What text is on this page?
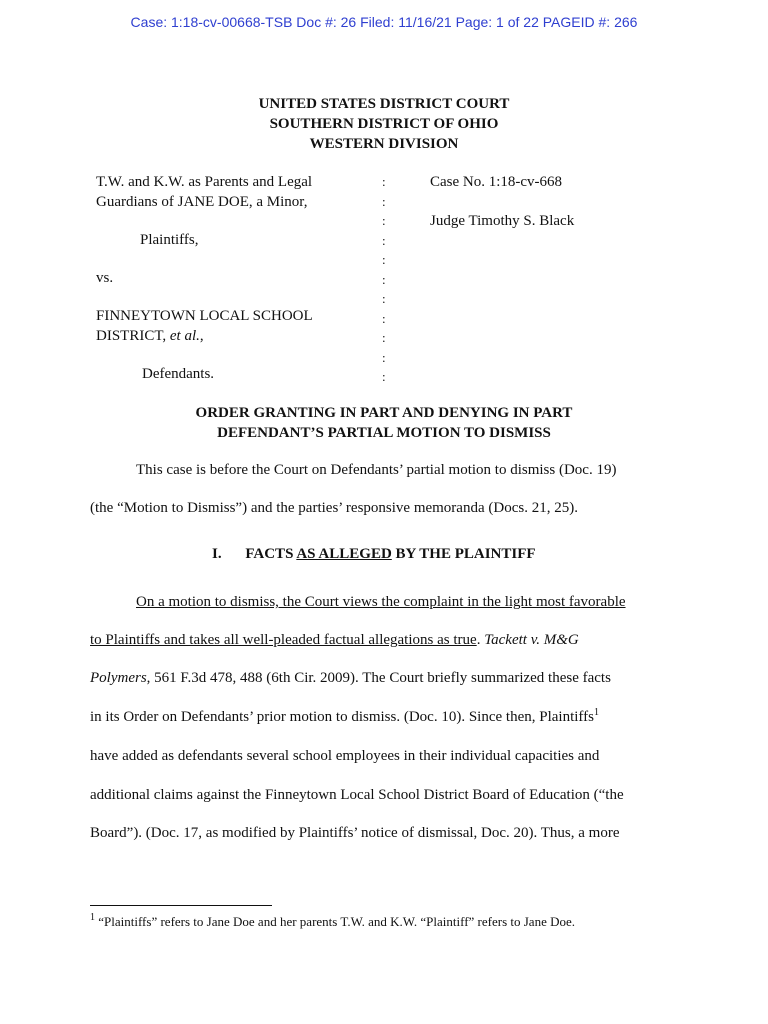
Case: 1:18-cv-00668-TSB Doc #: 26 Filed: 11/16/21 Page: 1 of 22 PAGEID #: 266
UNITED STATES DISTRICT COURT
SOUTHERN DISTRICT OF OHIO
WESTERN DIVISION
T.W. and K.W. as Parents and Legal
Guardians of JANE DOE, a Minor,
Plaintiffs,
vs.
FINNEYTOWN LOCAL SCHOOL
DISTRICT, et al.,
Defendants.
:
:
:
:
:
:
:
:
:
:
:
Case No. 1:18-cv-668
Judge Timothy S. Black
ORDER GRANTING IN PART AND DENYING IN PART
DEFENDANT’S PARTIAL MOTION TO DISMISS
This case is before the Court on Defendants’ partial motion to dismiss (Doc. 19)
(the “Motion to Dismiss”) and the parties’ responsive memoranda (Docs. 21, 25).
I. FACTS AS ALLEGED BY THE PLAINTIFF
On a motion to dismiss, the Court views the complaint in the light most favorable
to Plaintiffs and takes all well-pleaded factual allegations as true. Tackett v. M&G
Polymers, 561 F.3d 478, 488 (6th Cir. 2009). The Court briefly summarized these facts
in its Order on Defendants’ prior motion to dismiss. (Doc. 10). Since then, Plaintiffs$^1$
have added as defendants several school employees in their individual capacities and
additional claims against the Finneytown Local School District Board of Education (“the
Board”). (Doc. 17, as modified by Plaintiffs’ notice of dismissal, Doc. 20). Thus, a more
$^1$ “Plaintiffs” refers to Jane Doe and her parents T.W. and K.W. “Plaintiff” refers to Jane Doe.
